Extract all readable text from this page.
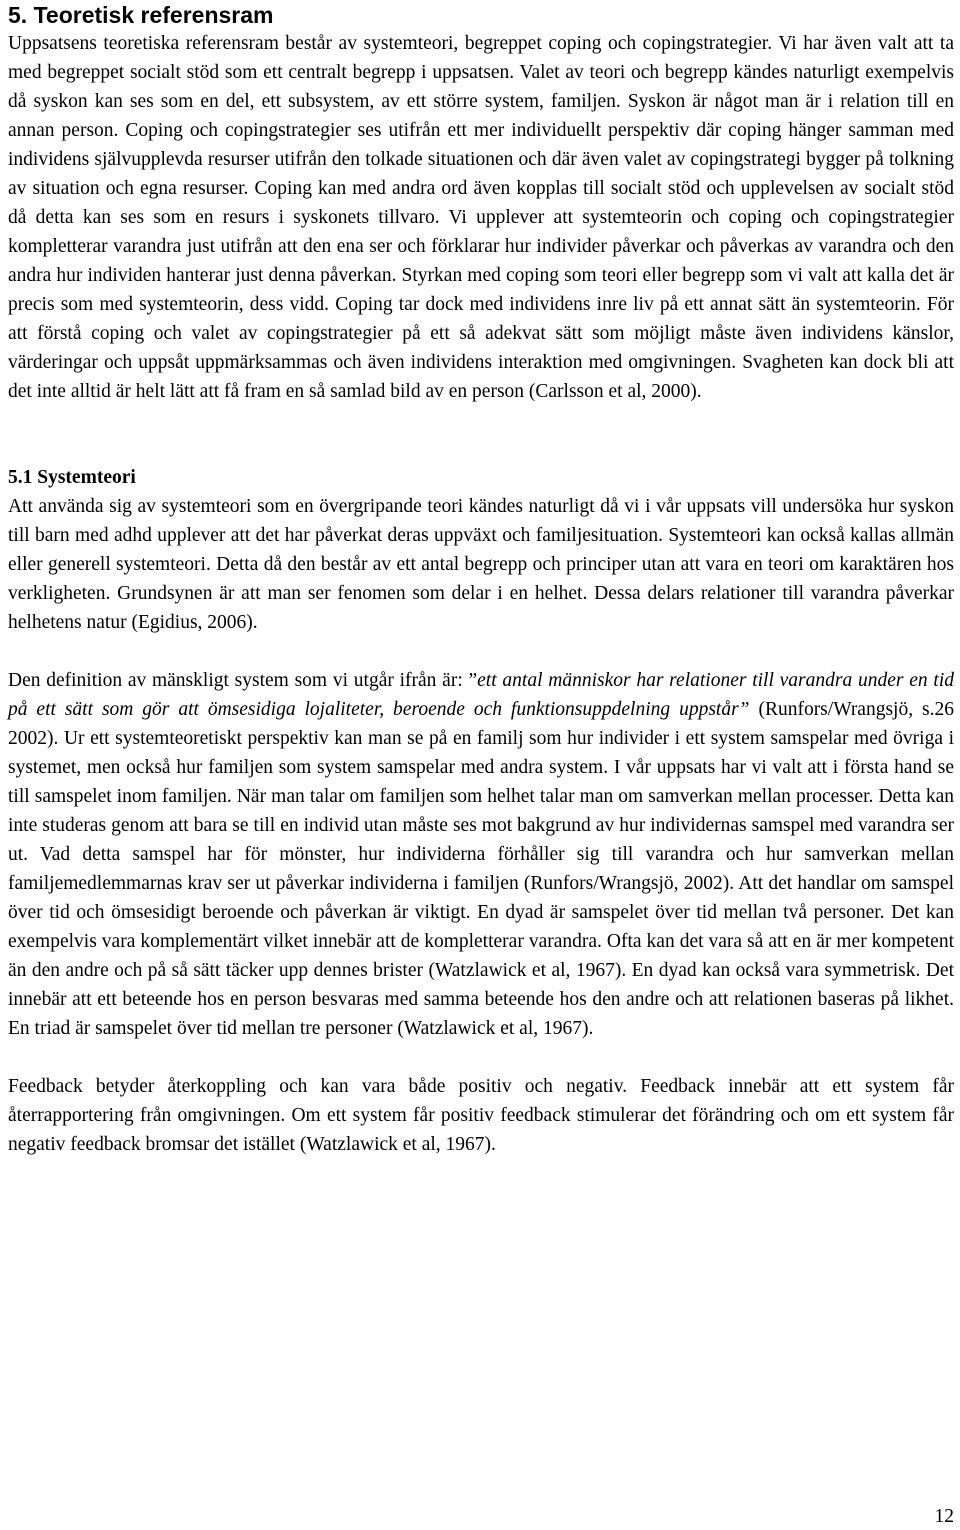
5. Teoretisk referensram

Uppsatsens teoretiska referensram består av systemteori, begreppet coping och copingstrategier. Vi har även valt att ta med begreppet socialt stöd som ett centralt begrepp i uppsatsen. Valet av teori och begrepp kändes naturligt exempelvis då syskon kan ses som en del, ett subsystem, av ett större system, familjen. Syskon är något man är i relation till en annan person. Coping och copingstrategier ses utifrån ett mer individuellt perspektiv där coping hänger samman med individens självupplevda resurser utifrån den tolkade situationen och där även valet av copingstrategi bygger på tolkning av situation och egna resurser. Coping kan med andra ord även kopplas till socialt stöd och upplevelsen av socialt stöd då detta kan ses som en resurs i syskonets tillvaro. Vi upplever att systemteorin och coping och copingstrategier kompletterar varandra just utifrån att den ena ser och förklarar hur individer påverkar och påverkas av varandra och den andra hur individen hanterar just denna påverkan. Styrkan med coping som teori eller begrepp som vi valt att kalla det är precis som med systemteorin, dess vidd. Coping tar dock med individens inre liv på ett annat sätt än systemteorin. För att förstå coping och valet av copingstrategier på ett så adekvat sätt som möjligt måste även individens känslor, värderingar och uppsåt uppmärksammas och även individens interaktion med omgivningen. Svagheten kan dock bli att det inte alltid är helt lätt att få fram en så samlad bild av en person (Carlsson et al, 2000).

5.1 Systemteori

Att använda sig av systemteori som en övergripande teori kändes naturligt då vi i vår uppsats vill undersöka hur syskon till barn med adhd upplever att det har påverkat deras uppväxt och familjesituation. Systemteori kan också kallas allmän eller generell systemteori. Detta då den består av ett antal begrepp och principer utan att vara en teori om karaktären hos verkligheten. Grundsynen är att man ser fenomen som delar i en helhet. Dessa delars relationer till varandra påverkar helhetens natur (Egidius, 2006).

Den definition av mänskligt system som vi utgår ifrån är: ”ett antal människor har relationer till varandra under en tid på ett sätt som gör att ömsesidiga lojaliteter, beroende och funktionsuppdelning uppstår” (Runfors/Wrangsjö, s.26 2002). Ur ett systemteoretiskt perspektiv kan man se på en familj som hur individer i ett system samspelar med övriga i systemet, men också hur familjen som system samspelar med andra system. I vår uppsats har vi valt att i första hand se till samspelet inom familjen. När man talar om familjen som helhet talar man om samverkan mellan processer. Detta kan inte studeras genom att bara se till en individ utan måste ses mot bakgrund av hur individernas samspel med varandra ser ut. Vad detta samspel har för mönster, hur individerna förhåller sig till varandra och hur samverkan mellan familjemedlemmarnas krav ser ut påverkar individerna i familjen (Runfors/Wrangsjö, 2002). Att det handlar om samspel över tid och ömsesidigt beroende och påverkan är viktigt. En dyad är samspelet över tid mellan två personer. Det kan exempelvis vara komplementärt vilket innebär att de kompletterar varandra. Ofta kan det vara så att en är mer kompetent än den andre och på så sätt täcker upp dennes brister (Watzlawick et al, 1967). En dyad kan också vara symmetrisk. Det innebär att ett beteende hos en person besvaras med samma beteende hos den andre och att relationen baseras på likhet. En triad är samspelet över tid mellan tre personer (Watzlawick et al, 1967).

Feedback betyder återkoppling och kan vara både positiv och negativ. Feedback innebär att ett system får återrapportering från omgivningen. Om ett system får positiv feedback stimulerar det förändring och om ett system får negativ feedback bromsar det istället (Watzlawick et al, 1967).

12
